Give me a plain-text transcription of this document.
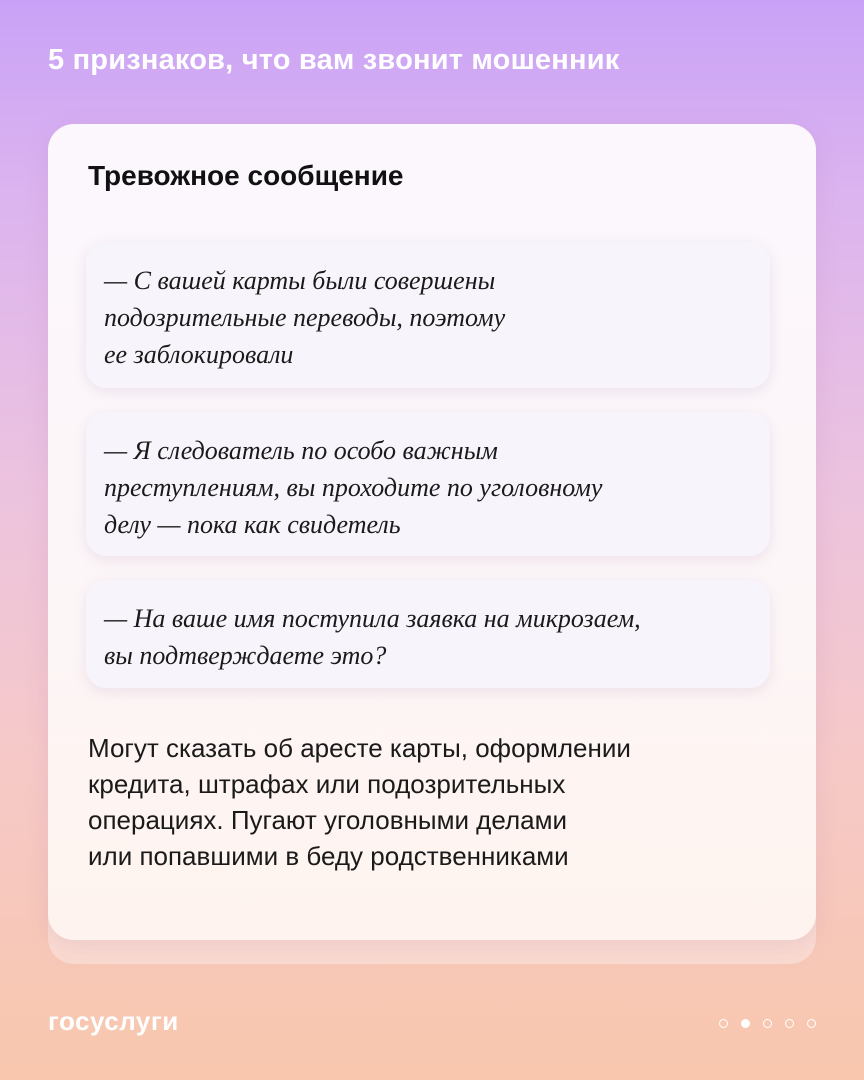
5 признаков, что вам звонит мошенник
Тревожное сообщение
— С вашей карты были совершены
подозрительные переводы, поэтому
ее заблокировали
— Я следователь по особо важным
преступлениям, вы проходите по уголовному
делу — пока как свидетель
— На ваше имя поступила заявка на микрозаем,
вы подтверждаете это?
Могут сказать об аресте карты, оформлении
кредита, штрафах или подозрительных
операциях. Пугают уголовными делами
или попавшими в беду родственниками
госуслуги
